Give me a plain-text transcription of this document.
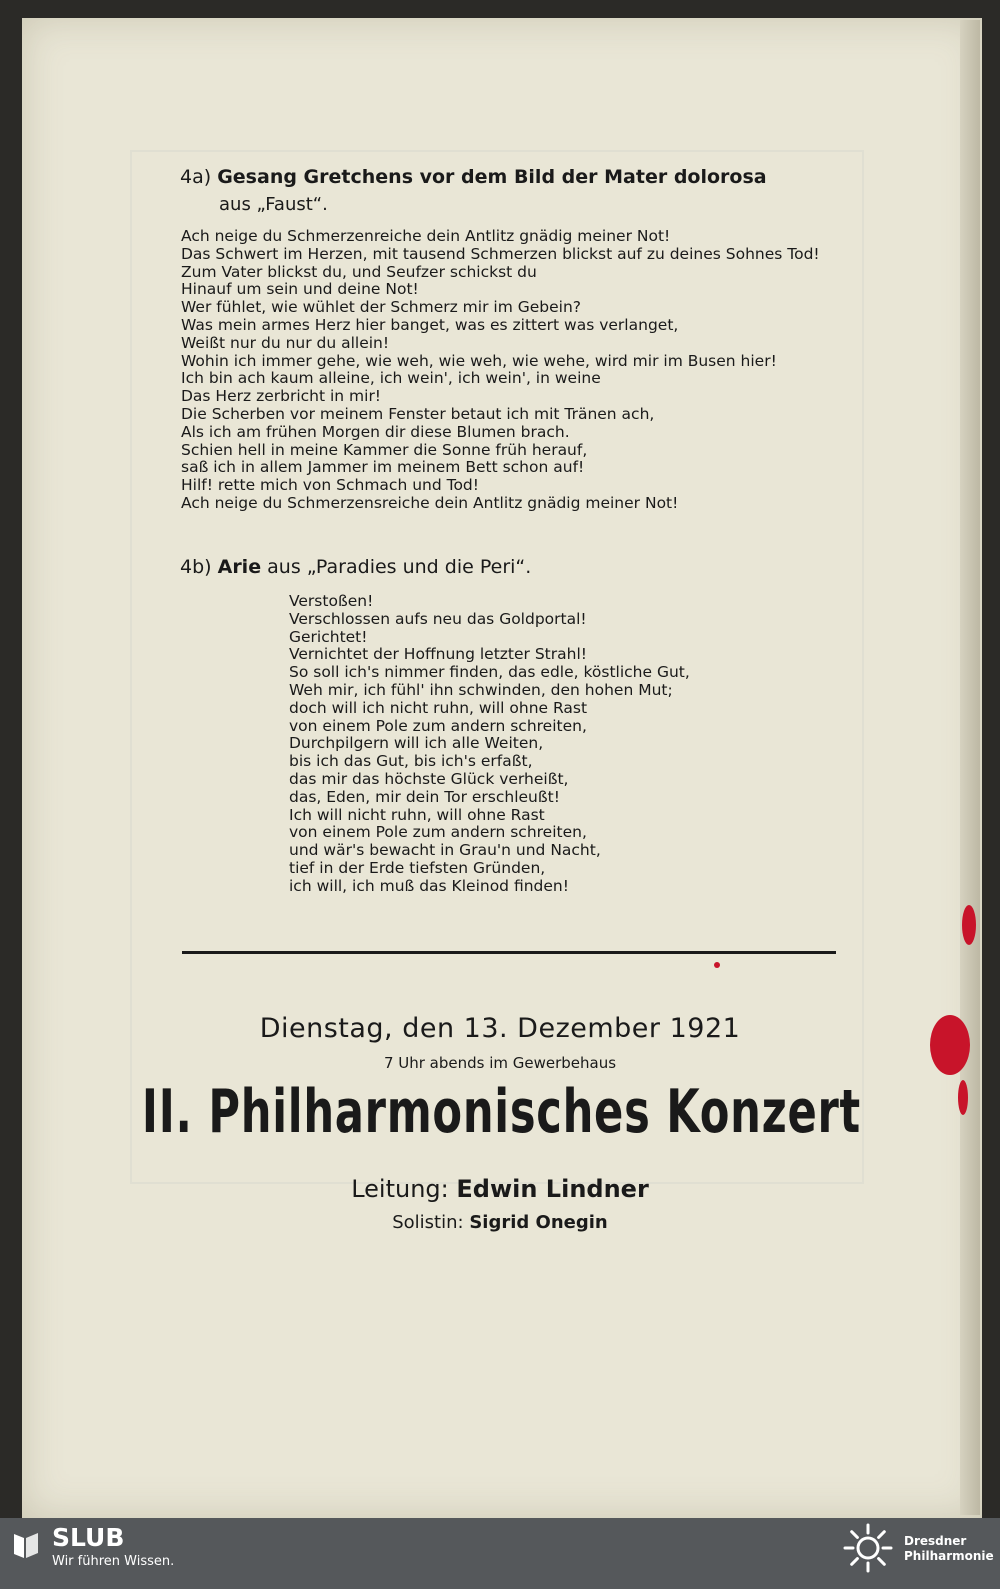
4a) Gesang Gretchens vor dem Bild der Mater dolorosa
aus „Faust“.
Ach neige du Schmerzenreiche dein Antlitz gnädig meiner Not!
Das Schwert im Herzen, mit tausend Schmerzen blickst auf zu deines Sohnes Tod!
Zum Vater blickst du, und Seufzer schickst du
Hinauf um sein und deine Not!
Wer fühlet, wie wühlet der Schmerz mir im Gebein?
Was mein armes Herz hier banget, was es zittert was verlanget,
Weißt nur du nur du allein!
Wohin ich immer gehe, wie weh, wie weh, wie wehe, wird mir im Busen hier!
Ich bin ach kaum alleine, ich wein', ich wein', in weine
Das Herz zerbricht in mir!
Die Scherben vor meinem Fenster betaut ich mit Tränen ach,
Als ich am frühen Morgen dir diese Blumen brach.
Schien hell in meine Kammer die Sonne früh herauf,
saß ich in allem Jammer im meinem Bett schon auf!
Hilf! rette mich von Schmach und Tod!
Ach neige du Schmerzensreiche dein Antlitz gnädig meiner Not!
4b) Arie aus „Paradies und die Peri“.
Verstoßen!
Verschlossen aufs neu das Goldportal!
Gerichtet!
Vernichtet der Hoffnung letzter Strahl!
So soll ich's nimmer finden, das edle, köstliche Gut,
Weh mir, ich fühl' ihn schwinden, den hohen Mut;
doch will ich nicht ruhn, will ohne Rast
von einem Pole zum andern schreiten,
Durchpilgern will ich alle Weiten,
bis ich das Gut, bis ich's erfaßt,
das mir das höchste Glück verheißt,
das, Eden, mir dein Tor erschleußt!
Ich will nicht ruhn, will ohne Rast
von einem Pole zum andern schreiten,
und wär's bewacht in Grau'n und Nacht,
tief in der Erde tiefsten Gründen,
ich will, ich muß das Kleinod finden!
Dienstag, den 13. Dezember 1921
7 Uhr abends im Gewerbehaus
II. Philharmonisches Konzert
Leitung: Edwin Lindner
Solistin: Sigrid Onegin
SLUB
Wir führen Wissen.
Dresdner
Philharmonie
